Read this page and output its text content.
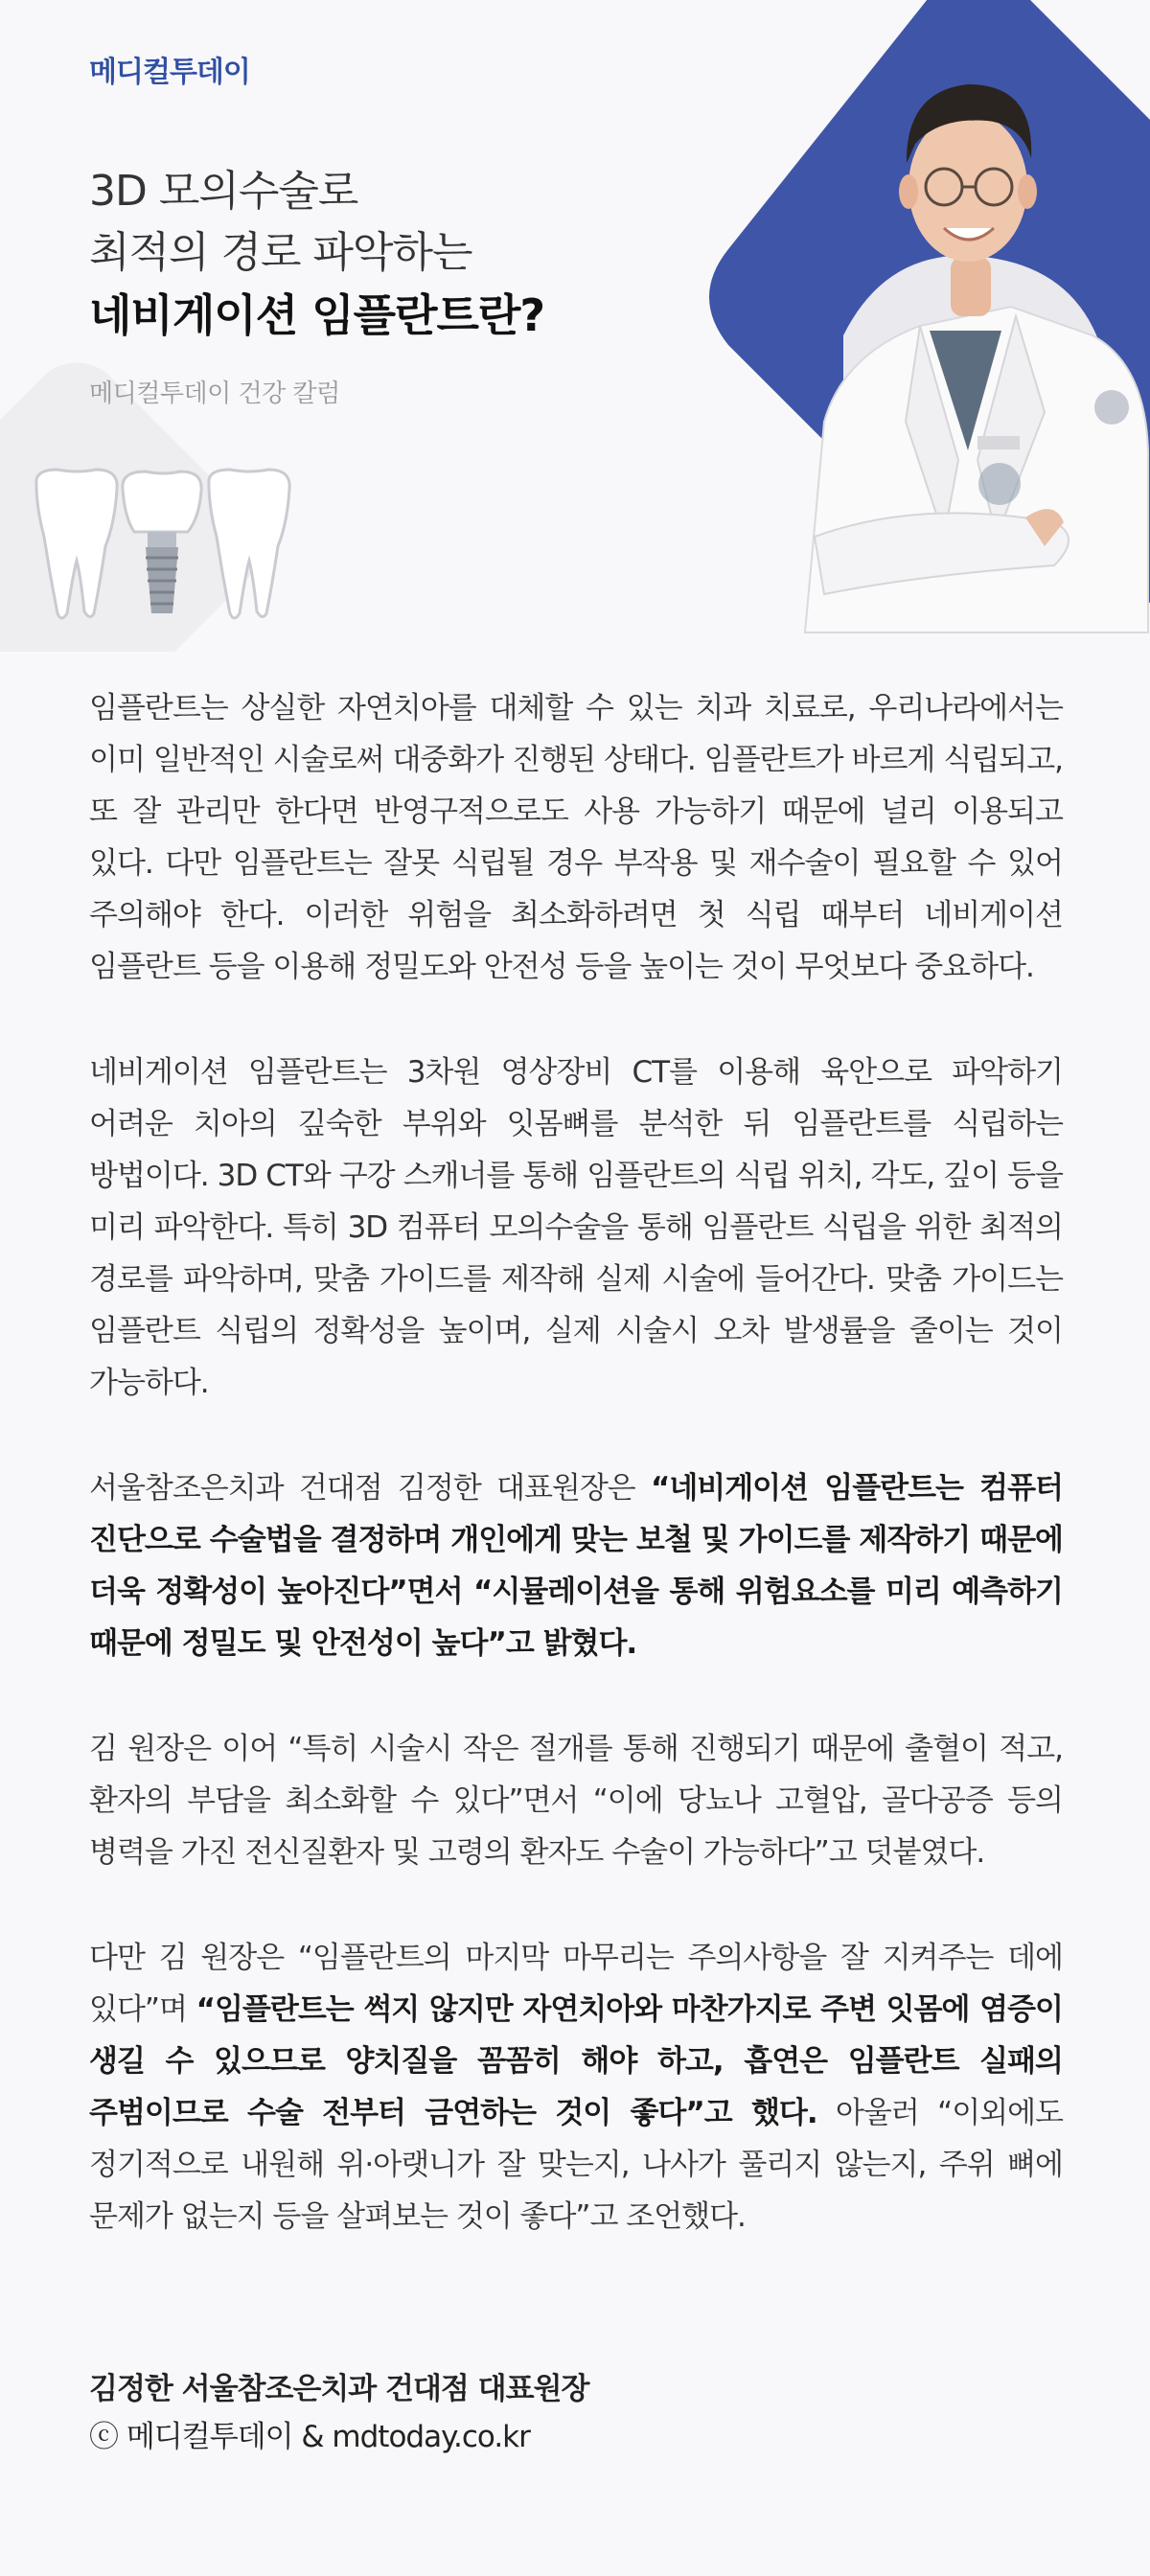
메디컬투데이
3D 모의수술로
최적의 경로 파악하는
네비게이션 임플란트란?
메디컬투데이 건강 칼럼

임플란트는 상실한 자연치아를 대체할 수 있는 치과 치료로, 우리나라에서는 이미 일반적인 시술로써 대중화가 진행된 상태다. 임플란트가 바르게 식립되고, 또 잘 관리만 한다면 반영구적으로도 사용 가능하기 때문에 널리 이용되고 있다. 다만 임플란트는 잘못 식립될 경우 부작용 및 재수술이 필요할 수 있어 주의해야 한다. 이러한 위험을 최소화하려면 첫 식립 때부터 네비게이션 임플란트 등을 이용해 정밀도와 안전성 등을 높이는 것이 무엇보다 중요하다.

네비게이션 임플란트는 3차원 영상장비 CT를 이용해 육안으로 파악하기 어려운 치아의 깊숙한 부위와 잇몸뼈를 분석한 뒤 임플란트를 식립하는 방법이다. 3D CT와 구강 스캐너를 통해 임플란트의 식립 위치, 각도, 깊이 등을 미리 파악한다. 특히 3D 컴퓨터 모의수술을 통해 임플란트 식립을 위한 최적의 경로를 파악하며, 맞춤 가이드를 제작해 실제 시술에 들어간다. 맞춤 가이드는 임플란트 식립의 정확성을 높이며, 실제 시술시 오차 발생률을 줄이는 것이 가능하다.

서울참조은치과 건대점 김정한 대표원장은 “네비게이션 임플란트는 컴퓨터 진단으로 수술법을 결정하며 개인에게 맞는 보철 및 가이드를 제작하기 때문에 더욱 정확성이 높아진다”면서 “시뮬레이션을 통해 위험요소를 미리 예측하기 때문에 정밀도 및 안전성이 높다”고 밝혔다.

김 원장은 이어 “특히 시술시 작은 절개를 통해 진행되기 때문에 출혈이 적고, 환자의 부담을 최소화할 수 있다”면서 “이에 당뇨나 고혈압, 골다공증 등의 병력을 가진 전신질환자 및 고령의 환자도 수술이 가능하다”고 덧붙였다.

다만 김 원장은 “임플란트의 마지막 마무리는 주의사항을 잘 지켜주는 데에 있다”며 “임플란트는 썩지 않지만 자연치아와 마찬가지로 주변 잇몸에 염증이 생길 수 있으므로 양치질을 꼼꼼히 해야 하고, 흡연은 임플란트 실패의 주범이므로 수술 전부터 금연하는 것이 좋다”고 했다. 아울러 “이외에도 정기적으로 내원해 위·아랫니가 잘 맞는지, 나사가 풀리지 않는지, 주위 뼈에 문제가 없는지 등을 살펴보는 것이 좋다”고 조언했다.

김정한 서울참조은치과 건대점 대표원장
ⓒ 메디컬투데이 & mdtoday.co.kr
